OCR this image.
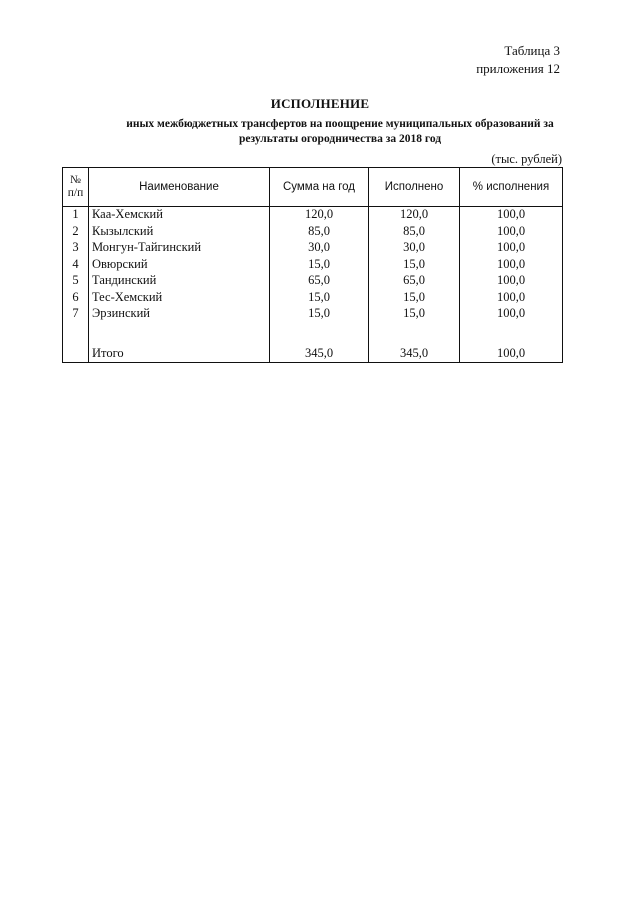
Таблица 3
приложения 12
ИСПОЛНЕНИЕ
иных межбюджетных трансфертов на поощрение муниципальных образований за
результаты огородничества за 2018 год
(тыс. рублей)
№
п/п	Наименование	Сумма на год	Исполнено	% исполнения
1	Каа-Хемский	120,0	120,0	100,0
2	Кызылский	85,0	85,0	100,0
3	Монгун-Тайгинский	30,0	30,0	100,0
4	Овюрский	15,0	15,0	100,0
5	Тандинский	65,0	65,0	100,0
6	Тес-Хемский	15,0	15,0	100,0
7	Эрзинский	15,0	15,0	100,0

	Итого	345,0	345,0	100,0
